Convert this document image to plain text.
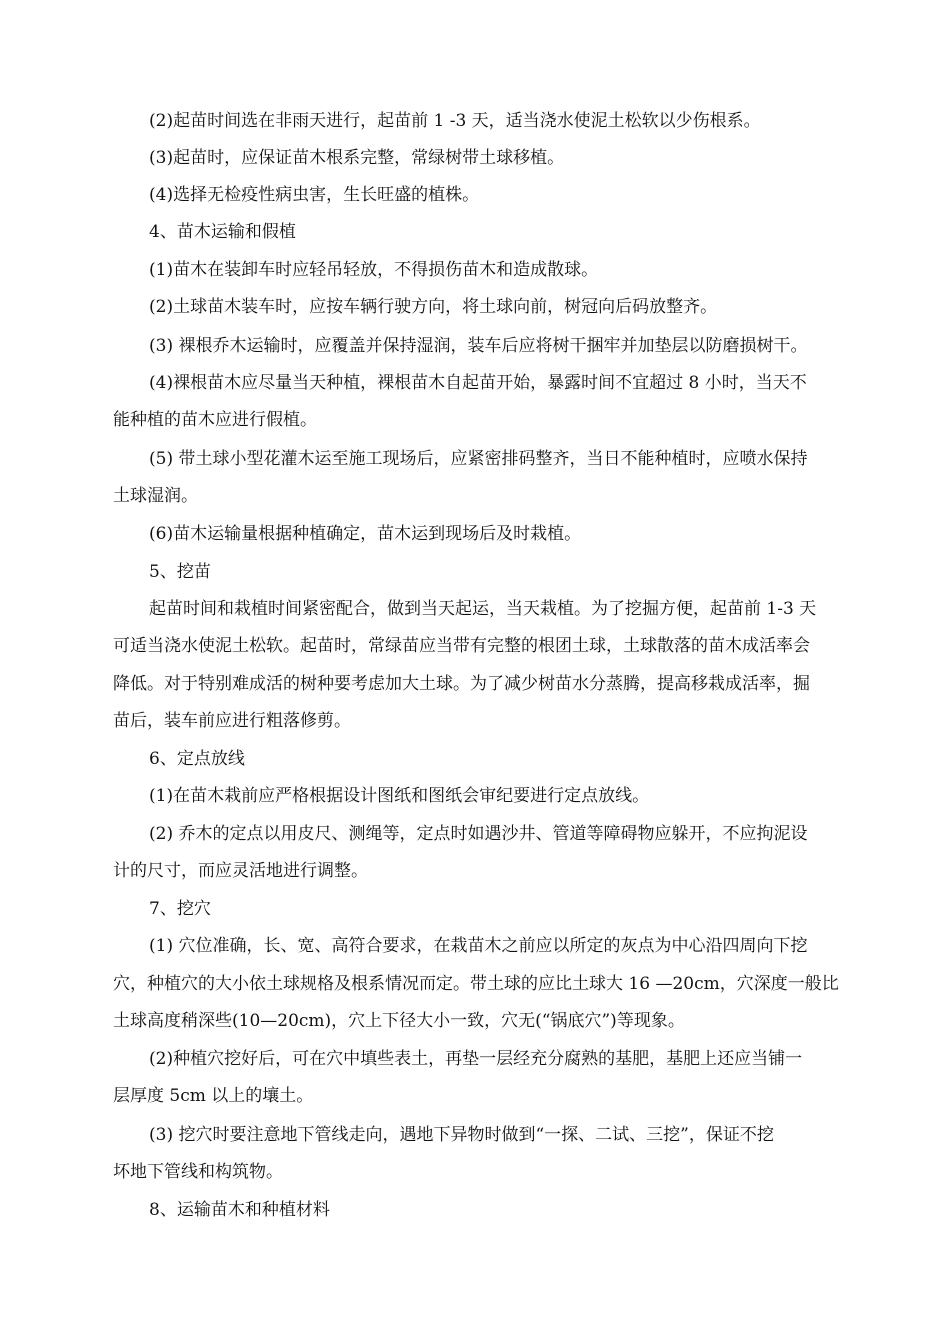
(2)起苗时间选在非雨天进行，起苗前 1 -3 天，适当浇水使泥土松软以少伤根系。
(3)起苗时，应保证苗木根系完整，常绿树带土球移植。
(4)选择无检疫性病虫害，生长旺盛的植株。
4、苗木运输和假植
(1)苗木在装卸车时应轻吊轻放，不得损伤苗木和造成散球。
(2)土球苗木装车时，应按车辆行驶方向，将土球向前，树冠向后码放整齐。
(3) 裸根乔木运输时，应覆盖并保持湿润，装车后应将树干捆牢并加垫层以防磨损树干。
(4)裸根苗木应尽量当天种植，裸根苗木自起苗开始，暴露时间不宜超过 8 小时，当天不
能种植的苗木应进行假植。
(5) 带土球小型花灌木运至施工现场后，应紧密排码整齐，当日不能种植时，应喷水保持
土球湿润。
(6)苗木运输量根据种植确定，苗木运到现场后及时栽植。
5、挖苗
起苗时间和栽植时间紧密配合，做到当天起运，当天栽植。为了挖掘方便，起苗前 1-3 天
可适当浇水使泥土松软。起苗时，常绿苗应当带有完整的根团土球，土球散落的苗木成活率会
降低。对于特别难成活的树种要考虑加大土球。为了减少树苗水分蒸腾，提高移栽成活率，掘
苗后，装车前应进行粗落修剪。
6、定点放线
(1)在苗木栽前应严格根据设计图纸和图纸会审纪要进行定点放线。
(2) 乔木的定点以用皮尺、测绳等，定点时如遇沙井、管道等障碍物应躲开，不应拘泥设
计的尺寸，而应灵活地进行调整。
7、挖穴
(1) 穴位准确，长、宽、高符合要求，在栽苗木之前应以所定的灰点为中心沿四周向下挖
穴，种植穴的大小依土球规格及根系情况而定。带土球的应比土球大 16 —20cm，穴深度一般比
土球高度稍深些(10—20cm)，穴上下径大小一致，穴无(“锅底穴”)等现象。
(2)种植穴挖好后，可在穴中填些表土，再垫一层经充分腐熟的基肥，基肥上还应当铺一
层厚度 5cm 以上的壤土。
(3) 挖穴时要注意地下管线走向，遇地下异物时做到“一探、二试、三挖”，保证不挖
坏地下管线和构筑物。
8、运输苗木和种植材料
